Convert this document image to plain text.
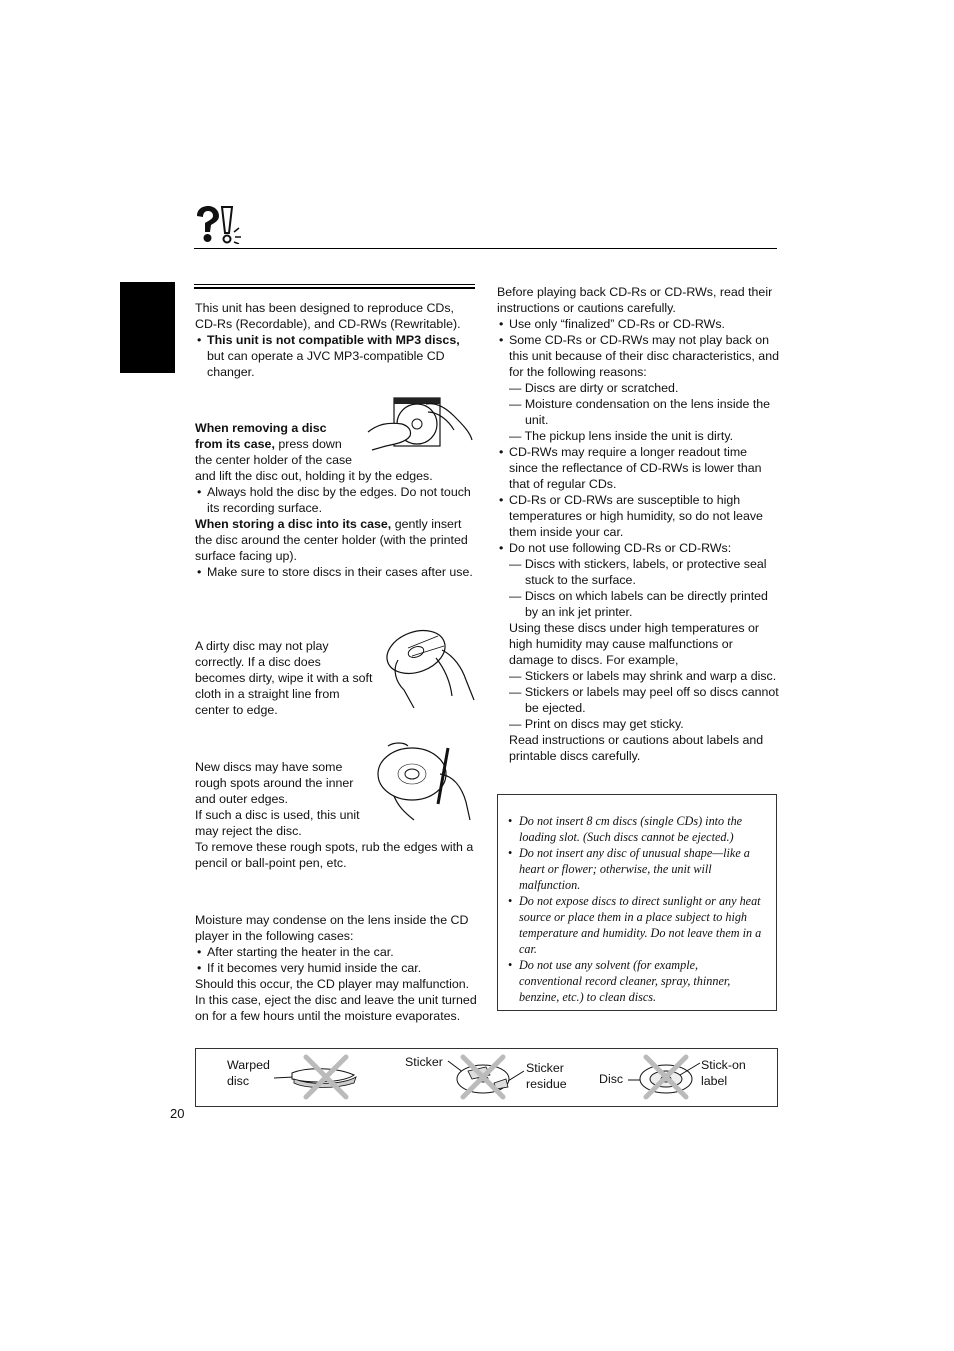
This unit has been designed to reproduce CDs, CD-Rs (Recordable), and CD-RWs (Rewritable).

• This unit is not compatible with MP3 discs,
but can operate a JVC MP3-compatible CD changer.

When removing a disc from its case, press down the center holder of the case

and lift the disc out, holding it by the edges.

• Always hold the disc by the edges. Do not touch its recording surface.

When storing a disc into its case, gently insert the disc around the center holder (with the printed surface facing up).

• Make sure to store discs in their cases after use.

A dirty disc may not play correctly. If a disc does becomes dirty, wipe it with a soft cloth in a straight line from center to edge.

New discs may have some rough spots around the inner and outer edges.

If such a disc is used, this unit may reject the disc.

To remove these rough spots, rub the edges with a pencil or ball-point pen, etc.

Moisture may condense on the lens inside the CD player in the following cases:

• After starting the heater in the car.

• If it becomes very humid inside the car.

Should this occur, the CD player may malfunction. In this case, eject the disc and leave the unit turned on for a few hours until the moisture evaporates.

Before playing back CD-Rs or CD-RWs, read their instructions or cautions carefully.

• Use only “finalized” CD-Rs or CD-RWs.

• Some CD-Rs or CD-RWs may not play back on this unit because of their disc characteristics, and for the following reasons:

— Discs are dirty or scratched.

— Moisture condensation on the lens inside the unit.

— The pickup lens inside the unit is dirty.

• CD-RWs may require a longer readout time since the reflectance of CD-RWs is lower than that of regular CDs.

• CD-Rs or CD-RWs are susceptible to high temperatures or high humidity, so do not leave them inside your car.

• Do not use following CD-Rs or CD-RWs:

— Discs with stickers, labels, or protective seal stuck to the surface.

— Discs on which labels can be directly printed by an ink jet printer.

Using these discs under high temperatures or high humidity may cause malfunctions or damage to discs. For example,

— Stickers or labels may shrink and warp a disc.

— Stickers or labels may peel off so discs cannot be ejected.

— Print on discs may get sticky.

Read instructions or cautions about labels and printable discs carefully.

• Do not insert 8 cm discs (single CDs) into the loading slot. (Such discs cannot be ejected.)

• Do not insert any disc of unusual shape—like a heart or flower; otherwise, the unit will malfunction.

• Do not expose discs to direct sunlight or any heat source or place them in a place subject to high temperature and humidity. Do not leave them in a car.

• Do not use any solvent (for example, conventional record cleaner, spray, thinner, benzine, etc.) to clean discs.

Warped
disc
Sticker	Sticker
residue	Disc
Stick-on
label
20
